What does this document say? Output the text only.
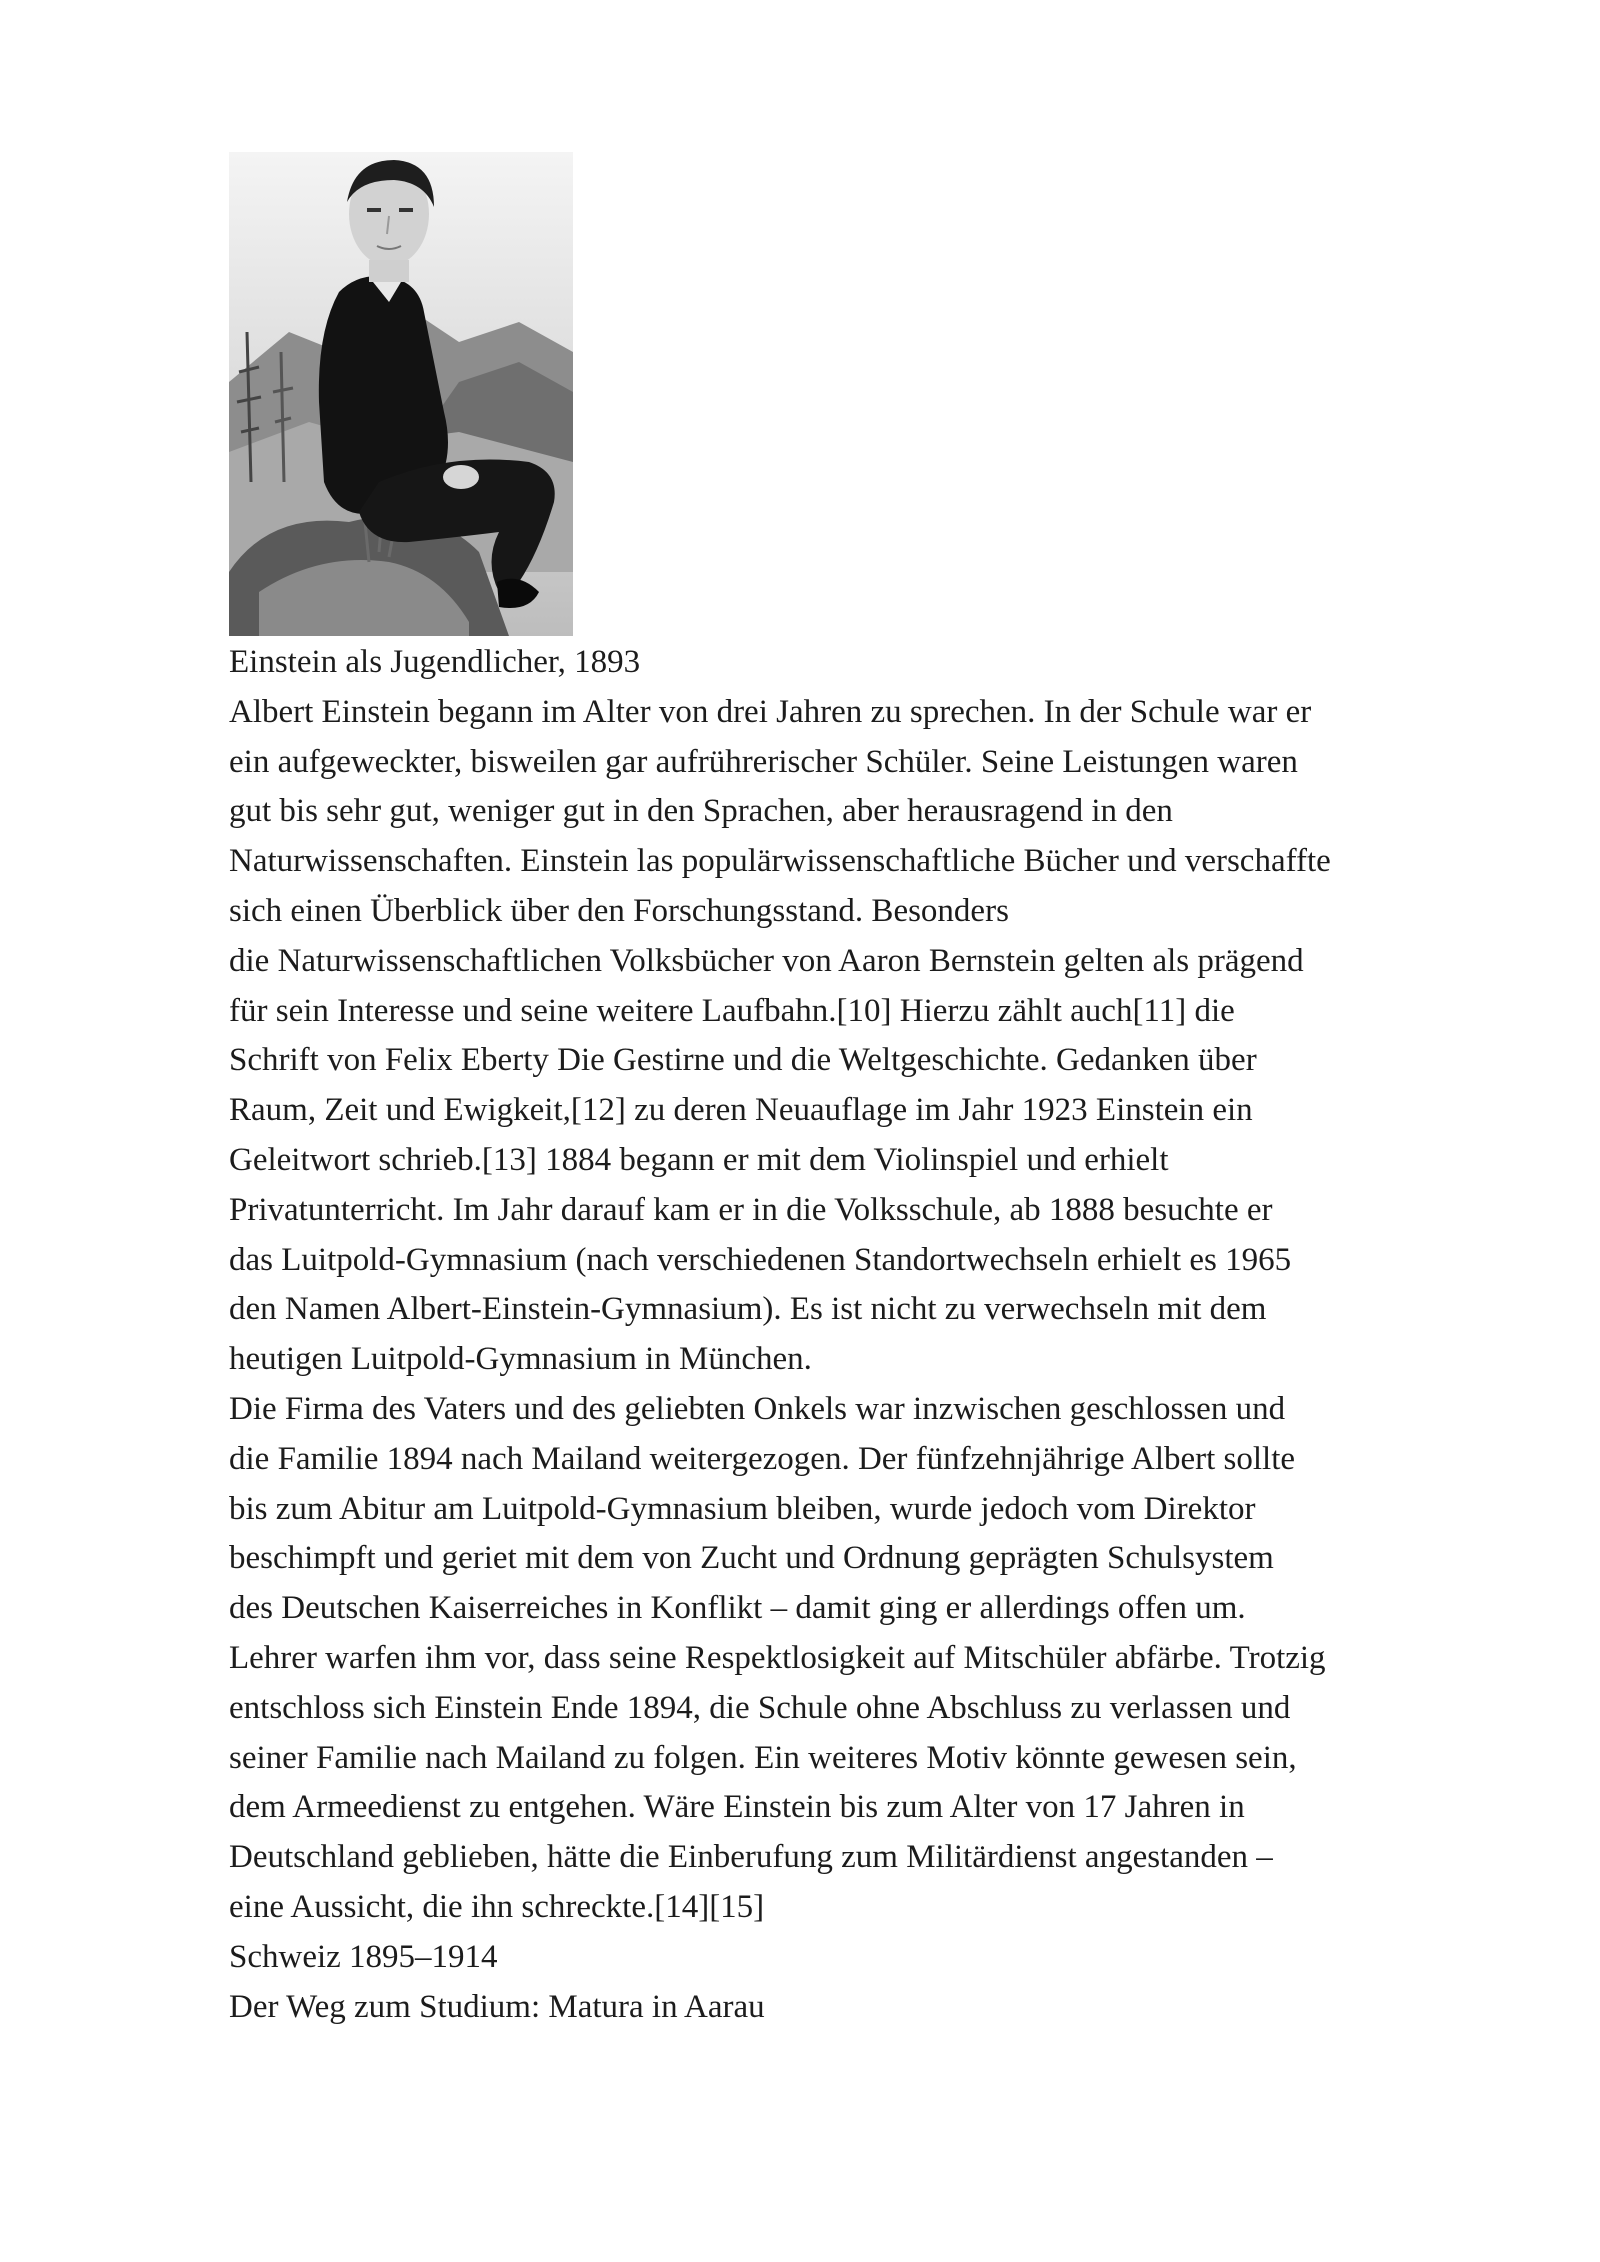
Einstein als Jugendlicher, 1893
Albert Einstein begann im Alter von drei Jahren zu sprechen. In der Schule war er
ein aufgeweckter, bisweilen gar aufrührerischer Schüler. Seine Leistungen waren
gut bis sehr gut, weniger gut in den Sprachen, aber herausragend in den
Naturwissenschaften. Einstein las populärwissenschaftliche Bücher und verschaffte
sich einen Überblick über den Forschungsstand. Besonders
die Naturwissenschaftlichen Volksbücher von Aaron Bernstein gelten als prägend
für sein Interesse und seine weitere Laufbahn.[10] Hierzu zählt auch[11] die
Schrift von Felix Eberty Die Gestirne und die Weltgeschichte. Gedanken über
Raum, Zeit und Ewigkeit,[12] zu deren Neuauflage im Jahr 1923 Einstein ein
Geleitwort schrieb.[13] 1884 begann er mit dem Violinspiel und erhielt
Privatunterricht. Im Jahr darauf kam er in die Volksschule, ab 1888 besuchte er
das Luitpold-Gymnasium (nach verschiedenen Standortwechseln erhielt es 1965
den Namen Albert-Einstein-Gymnasium). Es ist nicht zu verwechseln mit dem
heutigen Luitpold-Gymnasium in München.
Die Firma des Vaters und des geliebten Onkels war inzwischen geschlossen und
die Familie 1894 nach Mailand weitergezogen. Der fünfzehnjährige Albert sollte
bis zum Abitur am Luitpold-Gymnasium bleiben, wurde jedoch vom Direktor
beschimpft und geriet mit dem von Zucht und Ordnung geprägten Schulsystem
des Deutschen Kaiserreiches in Konflikt – damit ging er allerdings offen um.
Lehrer warfen ihm vor, dass seine Respektlosigkeit auf Mitschüler abfärbe. Trotzig
entschloss sich Einstein Ende 1894, die Schule ohne Abschluss zu verlassen und
seiner Familie nach Mailand zu folgen. Ein weiteres Motiv könnte gewesen sein,
dem Armeedienst zu entgehen. Wäre Einstein bis zum Alter von 17 Jahren in
Deutschland geblieben, hätte die Einberufung zum Militärdienst angestanden –
eine Aussicht, die ihn schreckte.[14][15]
Schweiz 1895–1914
Der Weg zum Studium: Matura in Aarau
